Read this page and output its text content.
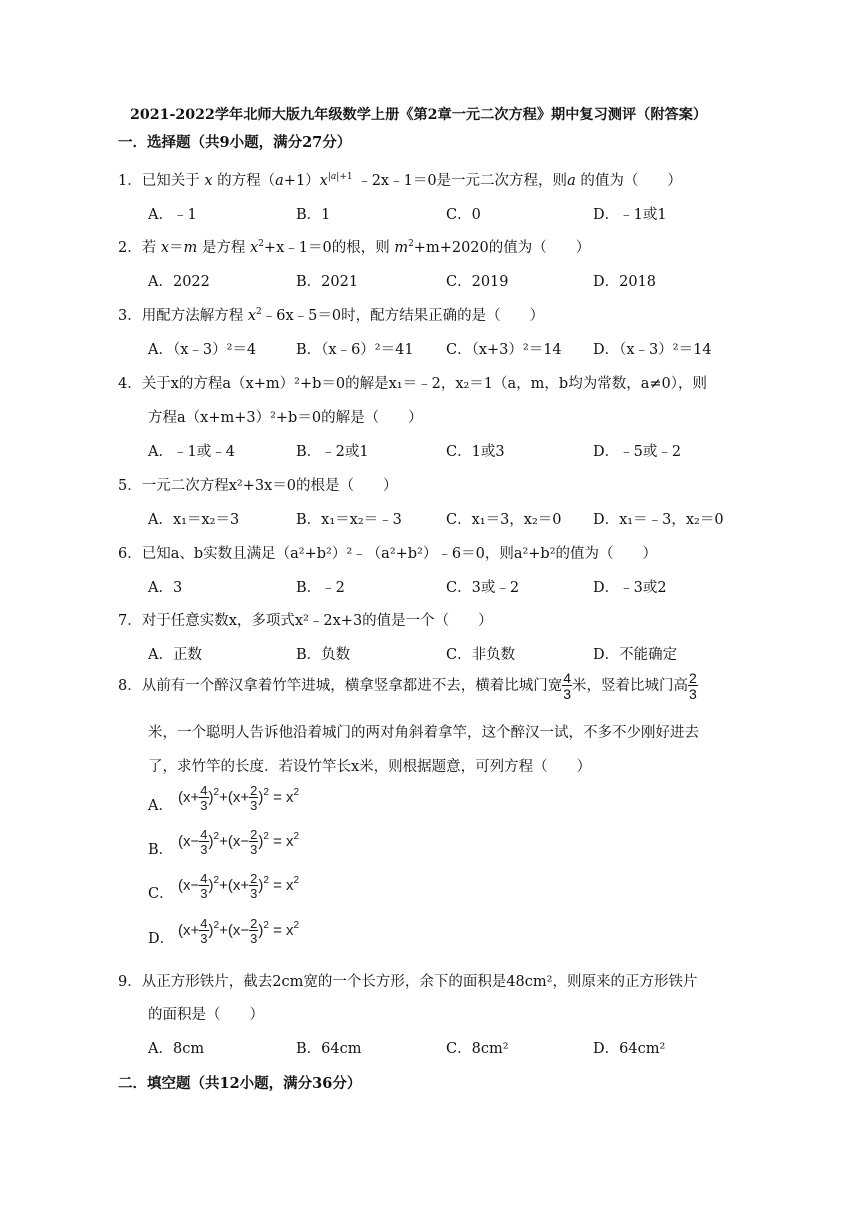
2021-2022学年北师大版九年级数学上册《第2章一元二次方程》期中复习测评（附答案）
一．选择题（共9小题，满分27分）
1．已知关于 x 的方程$(a+1)x^{|a|+1}$ ﹣2x﹣1＝0是一元二次方程，则a 的值为（　　）
A．﹣1	B．1	C．0	D．﹣1或1
2．若 x＝m 是方程 $x^2+x﹣1=0$的根，则 $m^2+m+2020$的值为（　　）
A．2022	B．2021	C．2019	D．2018
3．用配方法解方程 $x^2﹣6x﹣5=0$时，配方结果正确的是（　　）
A．（x﹣3）²＝4	B．（x﹣6）²＝41 C．（x+3）²＝14 D．（x﹣3）²＝14
4．关于x的方程a（x+m）²+b＝0的解是x₁＝﹣2，x₂＝1（a，m，b均为常数，a≠0），则
方程a（x+m+3）²+b＝0的解是（　　）
A．﹣1或﹣4	B．﹣2或1	C．1或3	D．﹣5或﹣2
5．一元二次方程x²+3x＝0的根是（　　）
A．x₁＝x₂＝3	B．x₁＝x₂＝﹣3	C．x₁＝3，x₂＝0 D．x₁＝﹣3，x₂＝0
6．已知a、b实数且满足（a²+b²）²﹣（a²+b²）﹣6＝0，则a²+b²的值为（　　）
A．3	B．﹣2	C．3或﹣2	D．﹣3或2
7．对于任意实数x，多项式x²﹣2x+3的值是一个（　　）
A．正数	B．负数	C．非负数	D．不能确定
8．从前有一个醉汉拿着竹竿进城，横拿竖拿都进不去，横着比城门宽 $\frac{4}{3}$ 米，竖着比城门高 $\frac{2}{3}$
米，一个聪明人告诉他沿着城门的两对角斜着拿竿，这个醉汉一试，不多不少刚好进去
了，求竹竿的长度．若设竹竿长x米，则根据题意，可列方程（　　）
A．
$(x+ \frac{4}{3} )^2+(x+ \frac{2}{3} )^2 = x^2$
B．
$(x- \frac{4}{3} )^2+(x- \frac{2}{3} )^2 = x^2$
C．
$(x- \frac{4}{3} )^2+(x+ \frac{2}{3} )^2 = x^2$
D．
$(x+ \frac{4}{3} )^2+(x- \frac{2}{3} )^2 = x^2$
9．从正方形铁片，截去2cm宽的一个长方形，余下的面积是48cm²，则原来的正方形铁片
的面积是（　　）
A．8cm	B．64cm	C．8cm²	D．64cm²
二．填空题（共12小题，满分36分）
